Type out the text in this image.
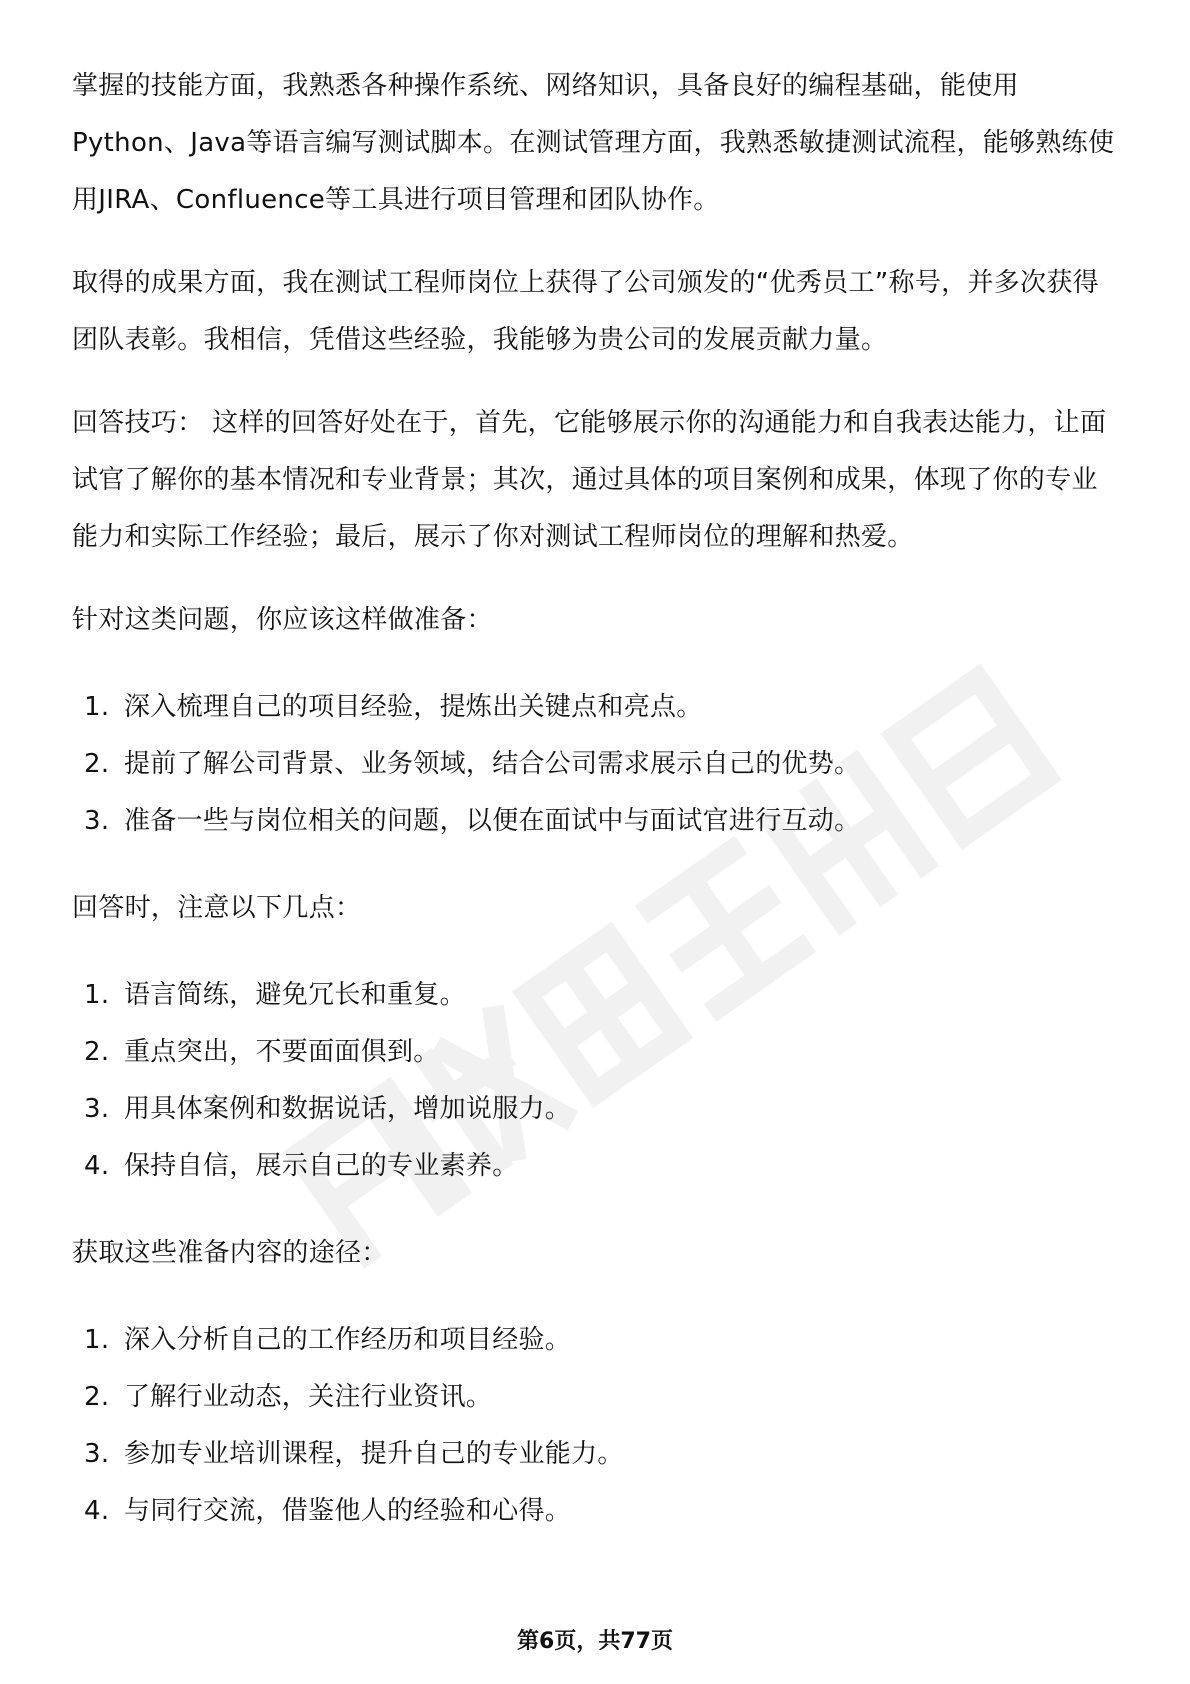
掌握的技能方面，我熟悉各种操作系统、网络知识，具备良好的编程基础，能使用Python、Java等语言编写测试脚本。在测试管理方面，我熟悉敏捷测试流程，能够熟练使用JIRA、Confluence等工具进行项目管理和团队协作。

取得的成果方面，我在测试工程师岗位上获得了公司颁发的“优秀员工”称号，并多次获得团队表彰。我相信，凭借这些经验，我能够为贵公司的发展贡献力量。

回答技巧： 这样的回答好处在于，首先，它能够展示你的沟通能力和自我表达能力，让面试官了解你的基本情况和专业背景；其次，通过具体的项目案例和成果，体现了你的专业能力和实际工作经验；最后，展示了你对测试工程师岗位的理解和热爱。

针对这类问题，你应该这样做准备：

1. 深入梳理自己的项目经验，提炼出关键点和亮点。
2. 提前了解公司背景、业务领域，结合公司需求展示自己的优势。
3. 准备一些与岗位相关的问题，以便在面试中与面试官进行互动。

回答时，注意以下几点：

1. 语言简练，避免冗长和重复。
2. 重点突出，不要面面俱到。
3. 用具体案例和数据说话，增加说服力。
4. 保持自信，展示自己的专业素养。

获取这些准备内容的途径：

1. 深入分析自己的工作经历和项目经验。
2. 了解行业动态，关注行业资讯。
3. 参加专业培训课程，提升自己的专业能力。
4. 与同行交流，借鉴他人的经验和心得。
第6页，共77页
